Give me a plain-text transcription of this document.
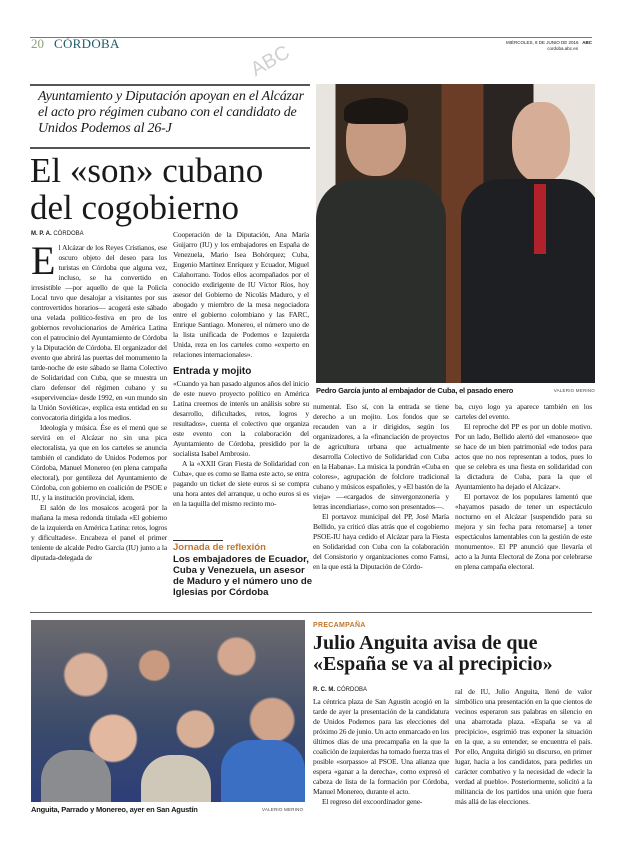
20 CÓRDOBA	MIÉRCOLES, 8 DE JUNIO DE 2016 ABC
cordoba.abc.es
ABC
Ayuntamiento y Diputación apoyan en el Alcázar el acto pro régimen cubano con el candidato de Unidos Podemos al 26-J
El «son» cubano
del cogobierno
Pedro García junto al embajador de Cuba, el pasado enero	VALERIO MERINO
M. P. A. CÓRDOBA

El Alcázar de los Reyes Cristianos, ese oscuro objeto del deseo para los turistas en Córdoba que alguna vez, incluso, se ha convertido en irresistible —por aquello de que la Policía Local tuvo que desalojar a visitantes por sus controvertidos horarios— acogerá este sábado una velada político-festiva en pro de los gobiernos revolucionarios de América Latina con el patrocinio del Ayuntamiento de Córdoba y la Diputación de Córdoba. El organizador del evento que abrirá las puertas del monumento la tarde-noche de este sábado se llama Colectivo de Solidaridad con Cuba, que se muestra un claro defensor del régimen cubano y su «supervivencia» desde 1992, en «un mundo sin la Unión Soviética», explica esta entidad en su convocatoria dirigida a los medios.

Ideología y música. Ése es el menú que se servirá en el Alcázar no sin una pica electoralista, ya que en los carteles se anuncia también el candidato de Unidos Podemos por Córdoba, Manuel Monereo (en plena campaña electoral), por gentileza del Ayuntamiento de Córdoba, con gobierno en coalición de PSOE e IU, y la institución provincial, ídem.

El salón de los mosaicos acogerá por la mañana la mesa redonda titulada «El gobierno de la izquierda en América Latina: retos, logros y dificultades». Encabeza el panel el primer teniente de alcalde Pedro García (IU) junto a la diputada-delegada de

Cooperación de la Diputación, Ana María Guijarro (IU) y los embajadores en España de Venezuela, Mario Isea Bohórquez; Cuba, Eugenio Martínez Enríquez y Ecuador, Miguel Calahorrano. Todos ellos acompañados por el conocido exdirigente de IU Víctor Ríos, hoy asesor del Gobierno de Nicolás Maduro, y el abogado y miembro de la mesa negociadora entre el gobierno colombiano y las FARC, Enrique Santiago. Monereo, el número uno de la lista unificada de Podemos e Izquierda Unida, reza en los carteles como «experto en relaciones internacionales».

Entrada y mojito

«Cuando ya han pasado algunos años del inicio de este nuevo proyecto político en América Latina creemos de interés un análisis sobre su desarrollo, dificultades, retos, logros y resultados», cuenta el colectivo que organiza este evento con la colaboración del Ayuntamiento de Córdoba, presidido por la socialista Isabel Ambrosio.

A la «XXII Gran Fiesta de Solidaridad con Cuba», que es como se llama este acto, se entra pagando un ticket de siete euros si se compra una hora antes del arranque, u ocho euros si es en la taquilla del mismo recinto mo-

Jornada de reflexión
Los embajadores de Ecuador, Cuba y Venezuela, un asesor de Maduro y el número uno de Iglesias por Córdoba

numental. Eso sí, con la entrada se tiene derecho a un mojito. Los fondos que se recauden van a ir dirigidos, según los organizadores, a la «financiación de proyectos de agricultura urbana que actualmente desarrolla Colectivo de Solidaridad con Cuba en la Habana». La música la pondrán «Cuba en colores», agrupación de folclore tradicional cubano y músicos españoles, y «El bastón de la vieja» —«cargados de sinvergonzonería y letras incendiarias», como son presentados—.

El portavoz municipal del PP, José María Bellido, ya criticó días atrás que el cogobierno PSOE-IU haya cedido el Alcázar para la Fiesta en Solidaridad con Cuba con la colaboración del Consistorio y organizaciones como Famsi, en la que está la Diputación de Córdo-

ba, cuyo logo ya aparece también en los carteles del evento.

El reproche del PP es por un doble motivo. Por un lado, Bellido alertó del «manoseo» que se hace de un bien patrimonial «de todos para actos que no nos representan a todos, pues lo que se celebra es una fiesta en solidaridad con la dictadura de Cuba, para la que el Ayuntamiento ha dejado el Alcázar».

El portavoz de los populares lamentó que «hayamos pasado de tener un espectáculo nocturno en el Alcázar [suspendido para su mejora y sin fecha para retomarse] a tener espectáculos lamentables con la gestión de este monumento». El PP anunció que llevaría el acto a la Junta Electoral de Zona por celebrarse en plena campaña electoral.

Anguita, Parrado y Monereo, ayer en San Agustín	VALERIO MERINO
PRECAMPAÑA
Julio Anguita avisa de que
«España se va al precipicio»
R. C. M. CÓRDOBA

La céntrica plaza de San Agustín acogió en la tarde de ayer la presentación de la candidatura de Unidos Podemos para las elecciones del próximo 26 de junio. Un acto enmarcado en los últimos días de una precampaña en la que la coalición de izquierdas ha tomado fuerza tras el posible «sorpasso» al PSOE. Una alianza que espera «ganar a la derecha», como expresó el cabeza de lista de la formación por Córdoba, Manuel Monereo, durante el acto.

El regreso del excoordinador gene-

ral de IU, Julio Anguita, llenó de valor simbólico una presentación en la que cientos de vecinos esperaron sus palabras en silencio en una abarrotada plaza. «España se va al precipicio», esgrimió tras exponer la situación en la que, a su entender, se encuentra el país. Por ello, Anguita dirigió su discurso, en primer lugar, hacia a los candidatos, para pedirles un carácter combativo y la necesidad de «decir la verdad al pueblo». Posteriormente, solicitó a la militancia de los partidos una unión que fuera más allá de las elecciones.
